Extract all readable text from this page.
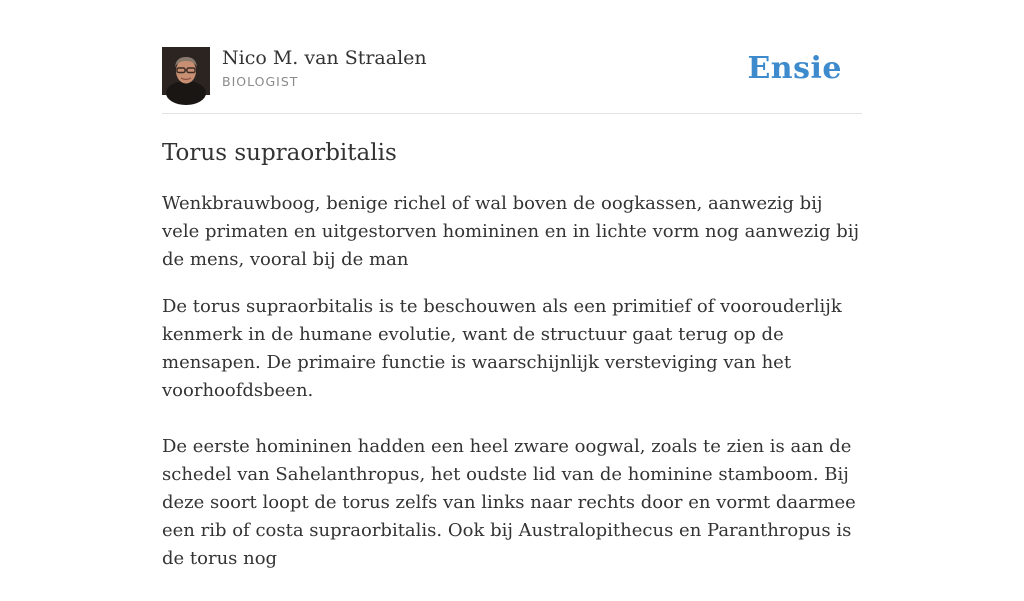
Nico M. van Straalen
BIOLOGIST	Ensie
Torus supraorbitalis

Wenkbrauwboog, benige richel of wal boven de oogkassen, aanwezig bij vele primaten en uitgestorven homininen en in lichte vorm nog aanwezig bij de mens, vooral bij de man

De torus supraorbitalis is te beschouwen als een primitief of voorouderlijk kenmerk in de humane evolutie, want de structuur gaat terug op de mensapen. De primaire functie is waarschijnlijk versteviging van het voorhoofdsbeen.

De eerste homininen hadden een heel zware oogwal, zoals te zien is aan de schedel van Sahelanthropus, het oudste lid van de hominine stamboom. Bij deze soort loopt de torus zelfs van links naar rechts door en vormt daarmee een rib of costa supraorbitalis. Ook bij Australopithecus en Paranthropus is de torus nog
